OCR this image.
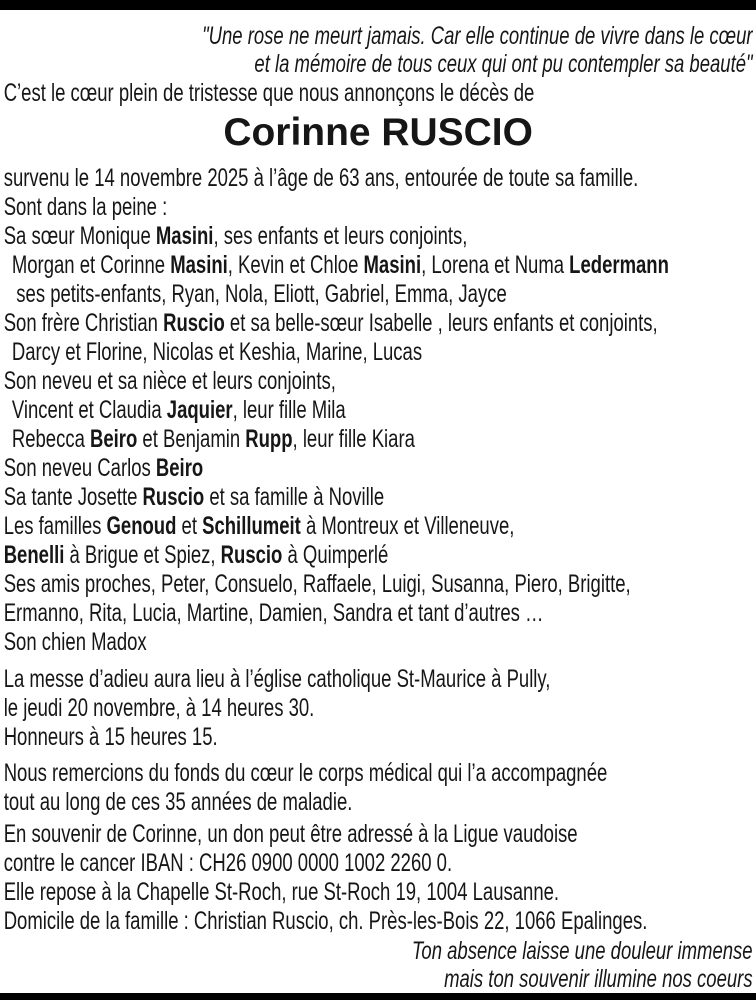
"Une rose ne meurt jamais. Car elle continue de vivre dans le cœur
et la mémoire de tous ceux qui ont pu contempler sa beauté"
C’est le cœur plein de tristesse que nous annonçons le décès de
Corinne RUSCIO
survenu le 14 novembre 2025 à l’âge de 63 ans, entourée de toute sa famille.
Sont dans la peine :
Sa sœur Monique Masini, ses enfants et leurs conjoints,
Morgan et Corinne Masini, Kevin et Chloe Masini, Lorena et Numa Ledermann
ses petits-enfants, Ryan, Nola, Eliott, Gabriel, Emma, Jayce
Son frère Christian Ruscio et sa belle-sœur Isabelle , leurs enfants et conjoints,
Darcy et Florine, Nicolas et Keshia, Marine, Lucas
Son neveu et sa nièce et leurs conjoints,
Vincent et Claudia Jaquier, leur fille Mila
Rebecca Beiro et Benjamin Rupp, leur fille Kiara
Son neveu Carlos Beiro
Sa tante Josette Ruscio et sa famille à Noville
Les familles Genoud et Schillumeit à Montreux et Villeneuve,
Benelli à Brigue et Spiez, Ruscio à Quimperlé
Ses amis proches, Peter, Consuelo, Raffaele, Luigi, Susanna, Piero, Brigitte,
Ermanno, Rita, Lucia, Martine, Damien, Sandra et tant d’autres …
Son chien Madox
La messe d’adieu aura lieu à l’église catholique St-Maurice à Pully,
le jeudi 20 novembre, à 14 heures 30.
Honneurs à 15 heures 15.
Nous remercions du fonds du cœur le corps médical qui l’a accompagnée
tout au long de ces 35 années de maladie.
En souvenir de Corinne, un don peut être adressé à la Ligue vaudoise
contre le cancer IBAN : CH26 0900 0000 1002 2260 0.
Elle repose à la Chapelle St-Roch, rue St-Roch 19, 1004 Lausanne.
Domicile de la famille : Christian Ruscio, ch. Près-les-Bois 22, 1066 Epalinges.
Ton absence laisse une douleur immense
mais ton souvenir illumine nos coeurs
